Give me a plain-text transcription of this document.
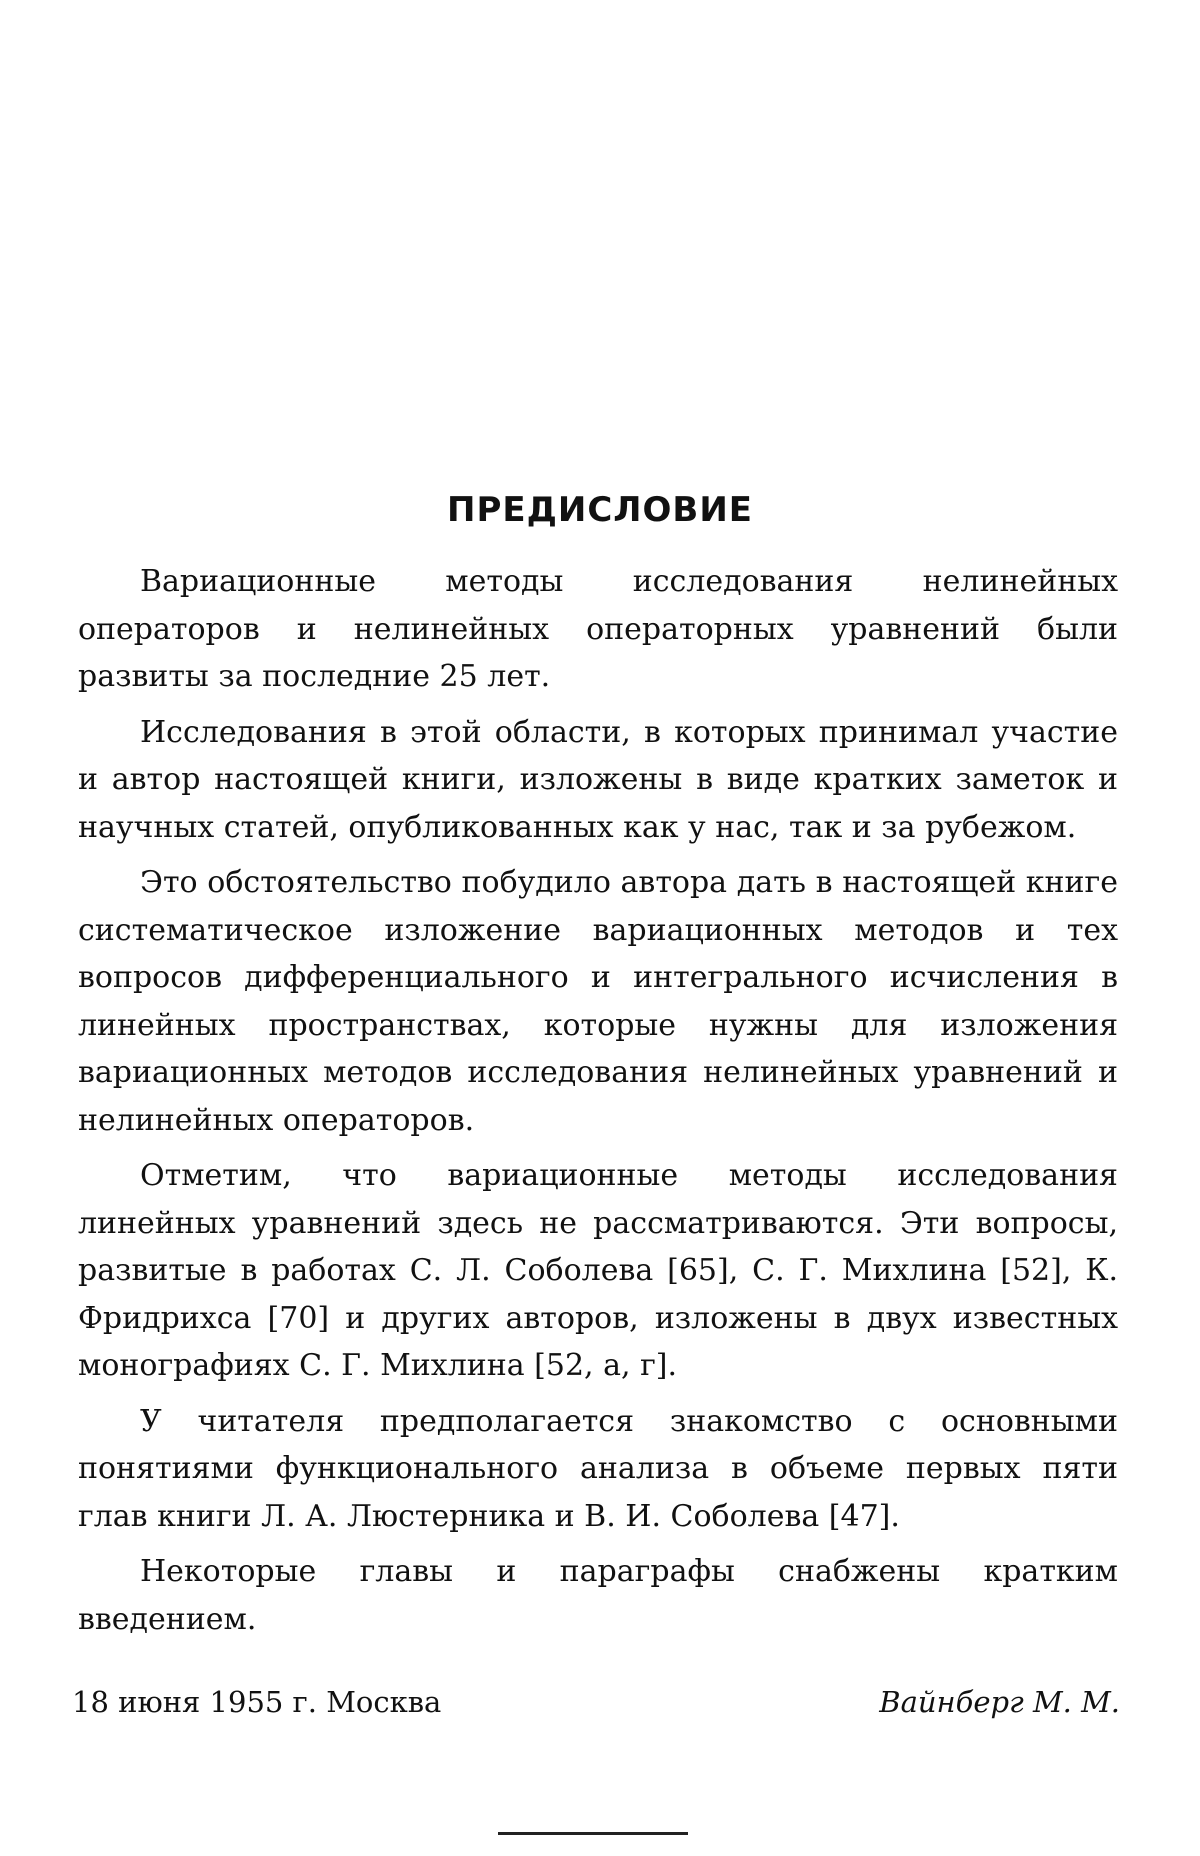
ПРЕДИСЛОВИЕ

Вариационные методы исследования нелинейных операторов и нелинейных операторных уравнений были развиты за последние 25 лет.

Исследования в этой области, в которых принимал участие и автор настоящей книги, изложены в виде кратких заметок и научных статей, опубликованных как у нас, так и за рубежом.

Это обстоятельство побудило автора дать в настоящей книге систематическое изложение вариационных методов и тех вопросов дифференциального и интегрального исчисления в линейных пространствах, которые нужны для изложения вариационных методов исследования нелинейных уравнений и нелинейных операторов.

Отметим, что вариационные методы исследования линейных уравнений здесь не рассматриваются. Эти вопросы, развитые в работах С. Л. Соболева [65], С. Г. Михлина [52], К. Фридрихса [70] и других авторов, изложены в двух известных монографиях С. Г. Михлина [52, а, г].

У читателя предполагается знакомство с основными понятиями функционального анализа в объеме первых пяти глав книги Л. А. Люстерника и В. И. Соболева [47].

Некоторые главы и параграфы снабжены кратким введением.

18 июня 1955 г. Москва	Вайнберг М. М.
